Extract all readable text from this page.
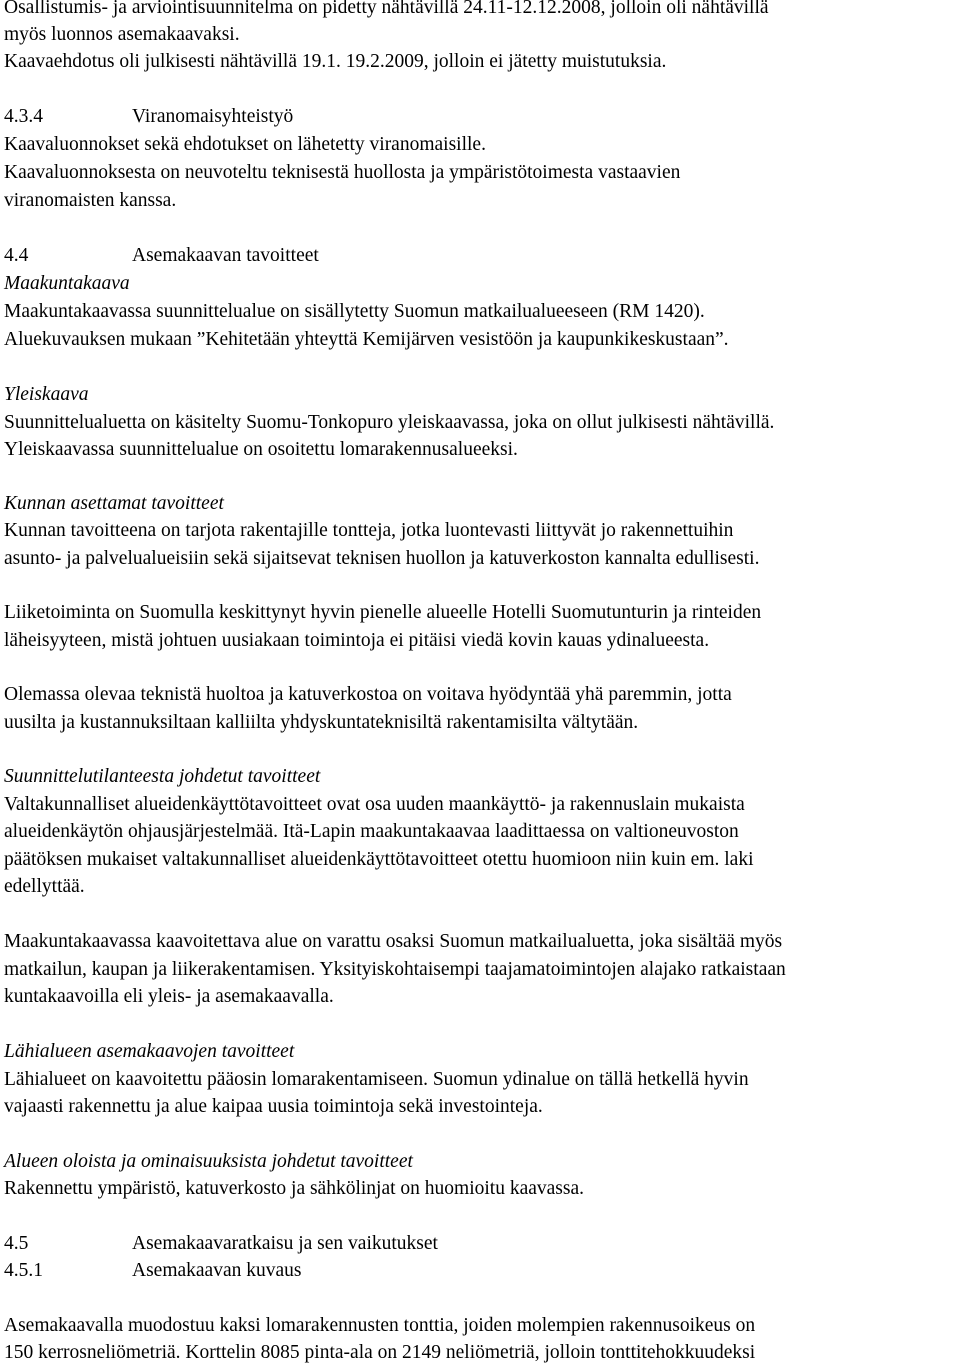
Osallistumis- ja arviointisuunnitelma on pidetty nähtävillä 24.11-12.12.2008, jolloin oli nähtävillä
myös luonnos asemakaavaksi.
Kaavaehdotus oli julkisesti nähtävillä 19.1. 19.2.2009, jolloin ei jätetty muistutuksia.
4.3.4	Viranomaisyhteistyö
Kaavaluonnokset sekä ehdotukset on lähetetty viranomaisille.
Kaavaluonnoksesta on neuvoteltu teknisestä huollosta ja ympäristötoimesta vastaavien
viranomaisten kanssa.
4.4	Asemakaavan tavoitteet
Maakuntakaava
Maakuntakaavassa suunnittelualue on sisällytetty Suomun matkailualueeseen (RM 1420).
Aluekuvauksen mukaan ”Kehitetään yhteyttä Kemijärven vesistöön ja kaupunkikeskustaan”.
Yleiskaava
Suunnittelualuetta on käsitelty Suomu-Tonkopuro yleiskaavassa, joka on ollut julkisesti nähtävillä.
Yleiskaavassa suunnittelualue on osoitettu lomarakennusalueeksi.
Kunnan asettamat tavoitteet
Kunnan tavoitteena on tarjota rakentajille tontteja, jotka luontevasti liittyvät jo rakennettuihin
asunto- ja palvelualueisiin sekä sijaitsevat teknisen huollon ja katuverkoston kannalta edullisesti.
Liiketoiminta on Suomulla keskittynyt hyvin pienelle alueelle Hotelli Suomutunturin ja rinteiden
läheisyyteen, mistä johtuen uusiakaan toimintoja ei pitäisi viedä kovin kauas ydinalueesta.
Olemassa olevaa teknistä huoltoa ja katuverkostoa on voitava hyödyntää yhä paremmin, jotta
uusilta ja kustannuksiltaan kalliilta yhdyskuntateknisiltä rakentamisilta vältytään.
Suunnittelutilanteesta johdetut tavoitteet
Valtakunnalliset alueidenkäyttötavoitteet ovat osa uuden maankäyttö- ja rakennuslain mukaista
alueidenkäytön ohjausjärjestelmää. Itä-Lapin maakuntakaavaa laadittaessa on valtioneuvoston
päätöksen mukaiset valtakunnalliset alueidenkäyttötavoitteet otettu huomioon niin kuin em. laki
edellyttää.
Maakuntakaavassa kaavoitettava alue on varattu osaksi Suomun matkailualuetta, joka sisältää myös
matkailun, kaupan ja liikerakentamisen. Yksityiskohtaisempi taajamatoimintojen alajako ratkaistaan
kuntakaavoilla eli yleis- ja asemakaavalla.
Lähialueen asemakaavojen tavoitteet
Lähialueet on kaavoitettu pääosin lomarakentamiseen. Suomun ydinalue on tällä hetkellä hyvin
vajaasti rakennettu ja alue kaipaa uusia toimintoja sekä investointeja.
Alueen oloista ja ominaisuuksista johdetut tavoitteet
Rakennettu ympäristö, katuverkosto ja sähkölinjat on huomioitu kaavassa.
4.5	Asemakaavaratkaisu ja sen vaikutukset
4.5.1	Asemakaavan kuvaus
Asemakaavalla muodostuu kaksi lomarakennusten tonttia, joiden molempien rakennusoikeus on
150 kerrosneliömetriä. Korttelin 8085 pinta-ala on 2149 neliömetriä, jolloin tonttitehokkuudeksi
